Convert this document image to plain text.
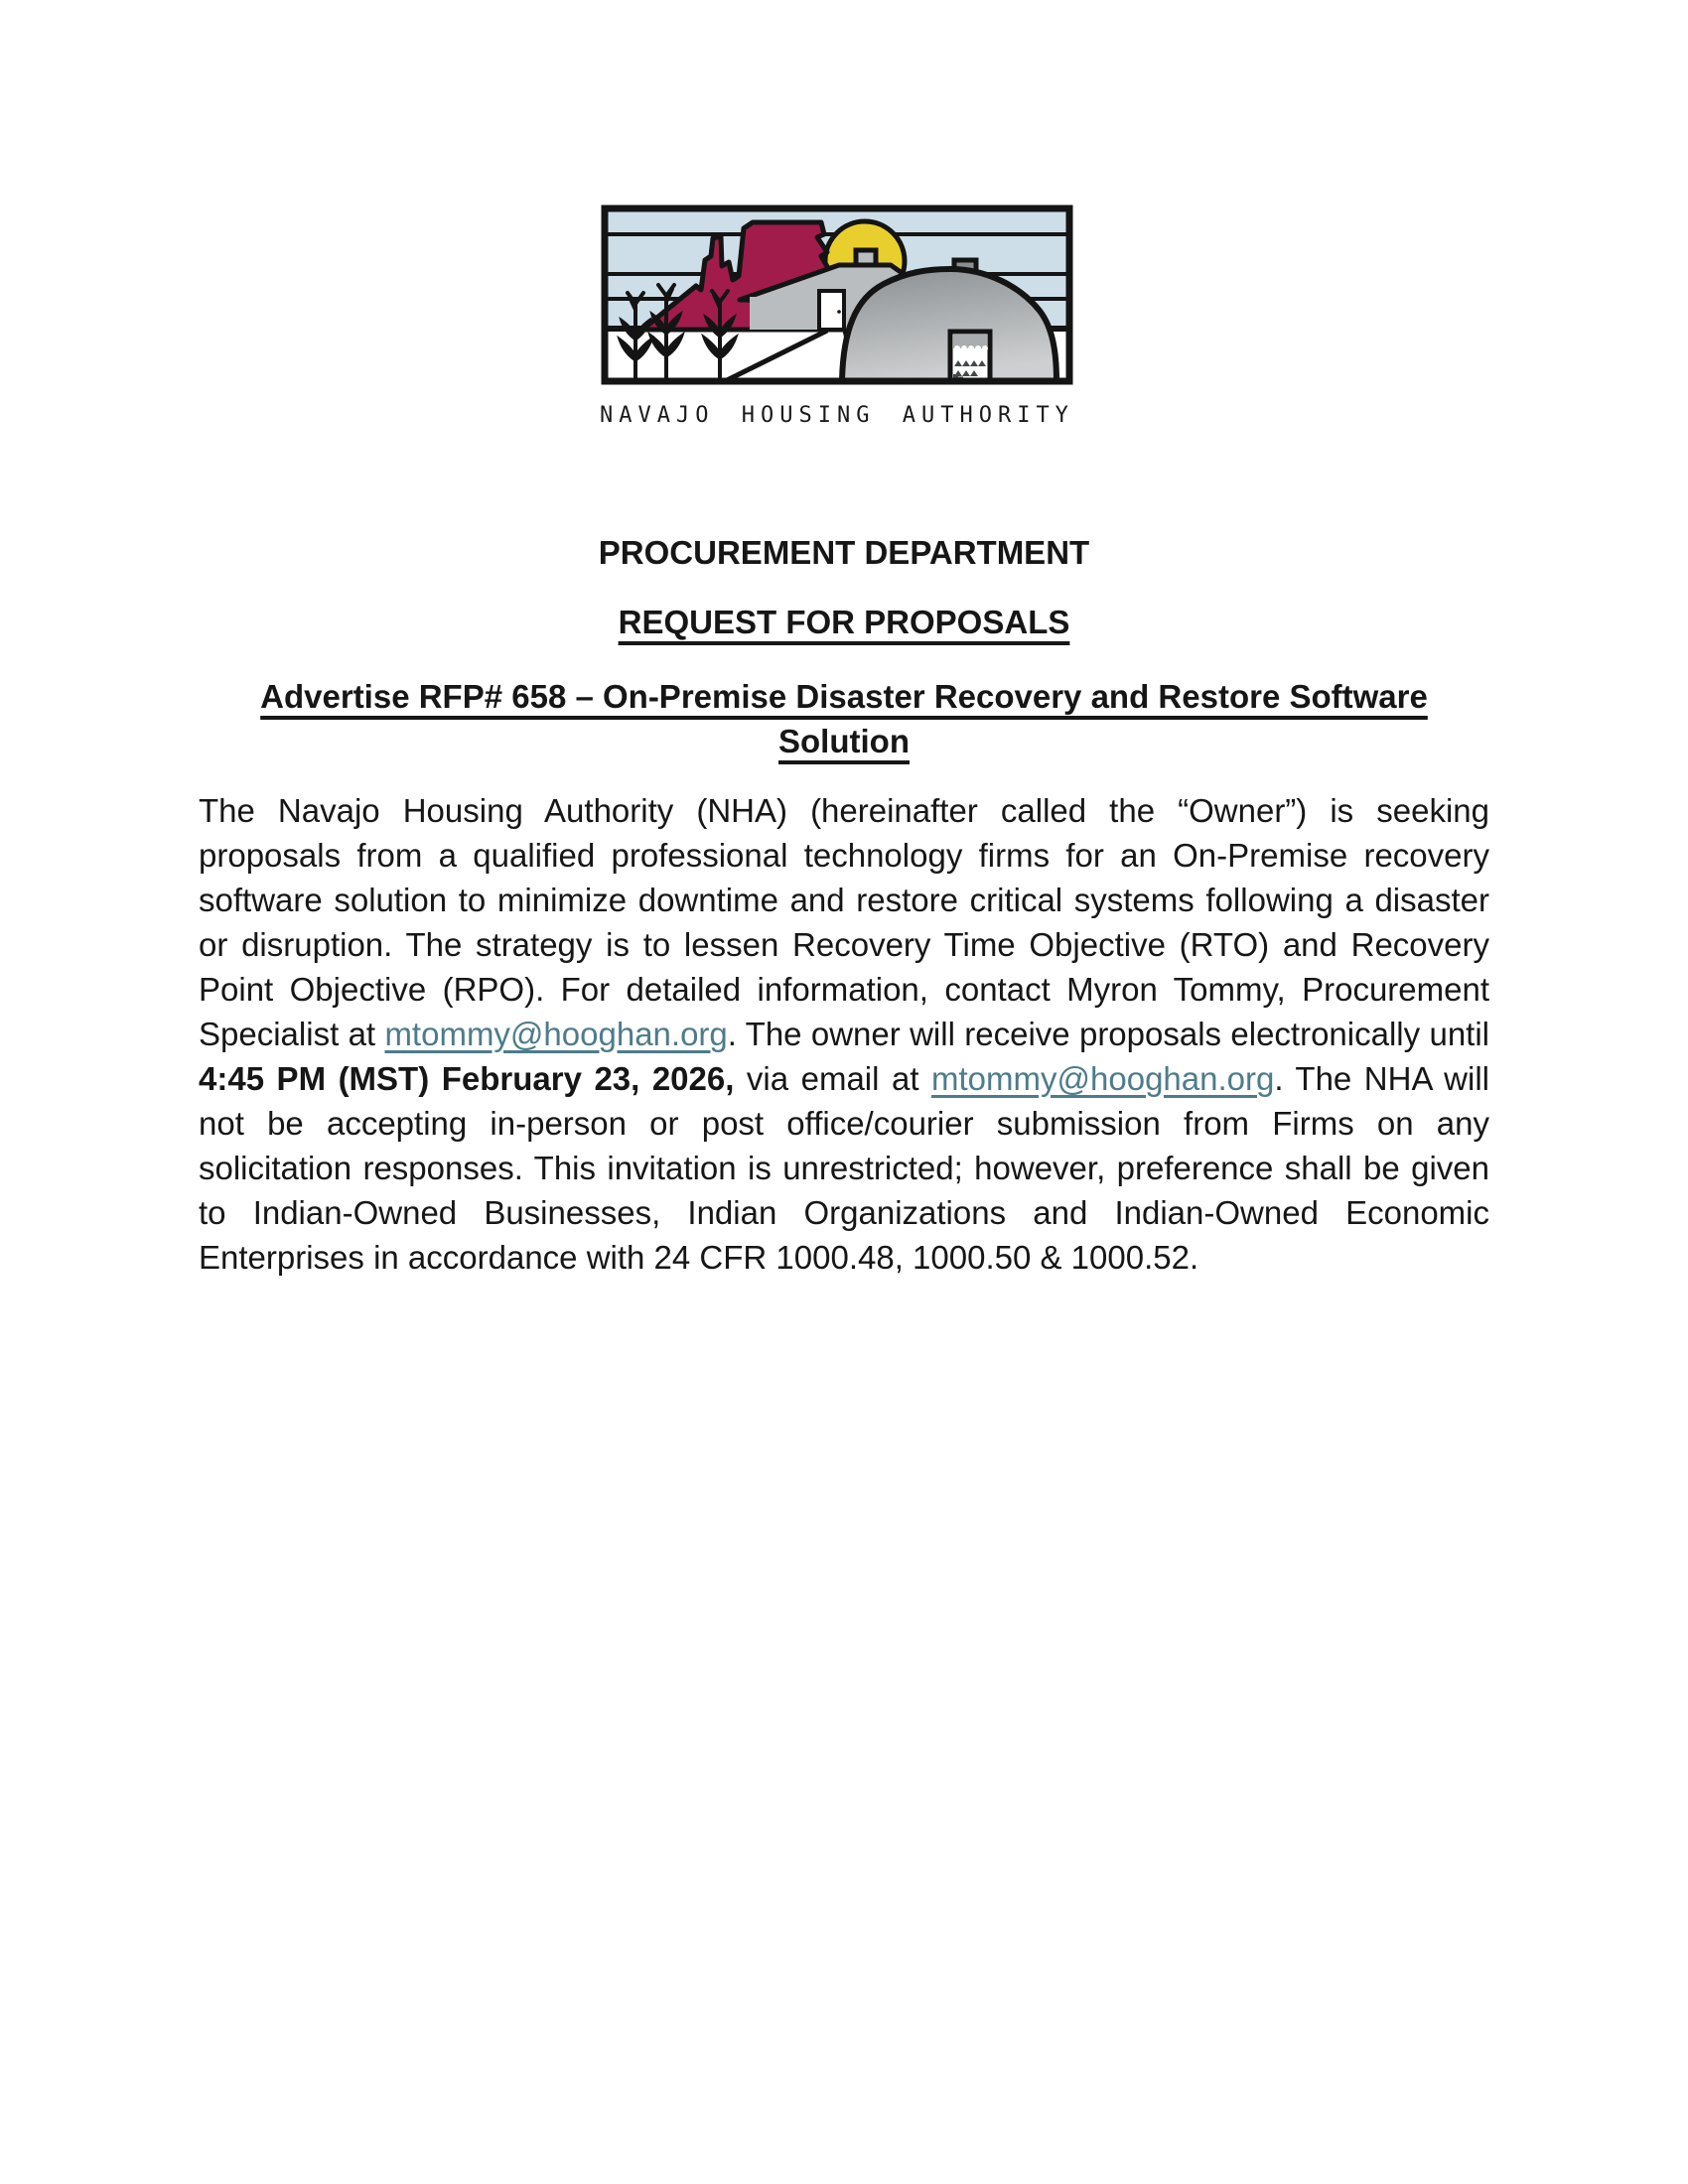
NAVAJO HOUSING AUTHORITY
PROCUREMENT DEPARTMENT
REQUEST FOR PROPOSALS
Advertise RFP# 658 – On-Premise Disaster Recovery and Restore Software Solution

The Navajo Housing Authority (NHA) (hereinafter called the “Owner”) is seeking proposals from a qualified professional technology firms for an On-Premise recovery software solution to minimize downtime and restore critical systems following a disaster or disruption. The strategy is to lessen Recovery Time Objective (RTO) and Recovery Point Objective (RPO). For detailed information, contact Myron Tommy, Procurement Specialist at mtommy@hooghan.org. The owner will receive proposals electronically until 4:45 PM (MST) February 23, 2026, via email at mtommy@hooghan.org. The NHA will not be accepting in-person or post office/courier submission from Firms on any solicitation responses. This invitation is unrestricted; however, preference shall be given to Indian-Owned Businesses, Indian Organizations and Indian-Owned Economic Enterprises in accordance with 24 CFR 1000.48, 1000.50 & 1000.52.
